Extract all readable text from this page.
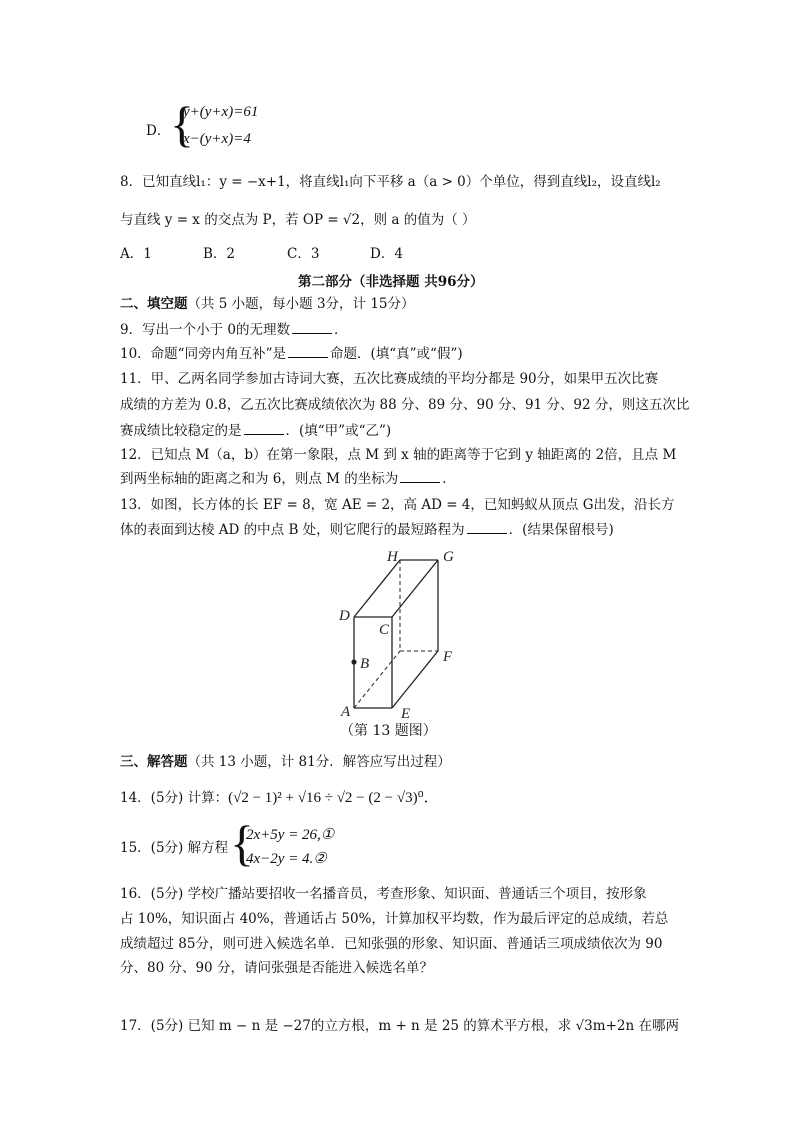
D． {
y+(y+x)=61
x−(y+x)=4
8．已知直线l₁：y = −x+1，将直线l₁向下平移 a（a > 0）个单位，得到直线l₂，设直线l₂
与直线 y = x 的交点为 P，若 OP = √2，则 a 的值为（ ）
A．1	B．2	C．3	D．4
第二部分（非选择题 共96分）
二、填空题（共 5 小题，每小题 3分，计 15分）
9．写出一个小于 0的无理数	．
10．命题“同旁内角互补”是	命题．(填“真”或“假”)
11．甲、乙两名同学参加古诗词大赛，五次比赛成绩的平均分都是 90分，如果甲五次比赛
成绩的方差为 0.8，乙五次比赛成绩依次为 88 分、89 分、90 分、91 分、92 分，则这五次比
赛成绩比较稳定的是	．(填“甲”或“乙”)
12．已知点 M（a，b）在第一象限，点 M 到 x 轴的距离等于它到 y 轴距离的 2倍，且点 M
到两坐标轴的距离之和为 6，则点 M 的坐标为	．
13．如图，长方体的长 EF = 8，宽 AE = 2，高 AD = 4，已知蚂蚁从顶点 G出发，沿长方
体的表面到达棱 AD 的中点 B 处，则它爬行的最短路程为	．(结果保留根号)
H	G
D
C
B	F
A	E
（第 13 题图）
三、解答题（共 13 小题，计 81分．解答应写出过程）
14．(5分) 计算：(√2 − 1)² + √16 ÷ √2 − (2 − √3)⁰．
15．(5分) 解方程 {
2x+5y = 26,①
4x−2y = 4.②
16．(5分) 学校广播站要招收一名播音员，考查形象、知识面、普通话三个项目，按形象
占 10%，知识面占 40%，普通话占 50%，计算加权平均数，作为最后评定的总成绩，若总
成绩超过 85分，则可进入候选名单．已知张强的形象、知识面、普通话三项成绩依次为 90
分、80 分、90 分，请问张强是否能进入候选名单？
17．(5分) 已知 m − n 是 −27的立方根，m + n 是 25 的算术平方根，求 √3m+2n 在哪两
